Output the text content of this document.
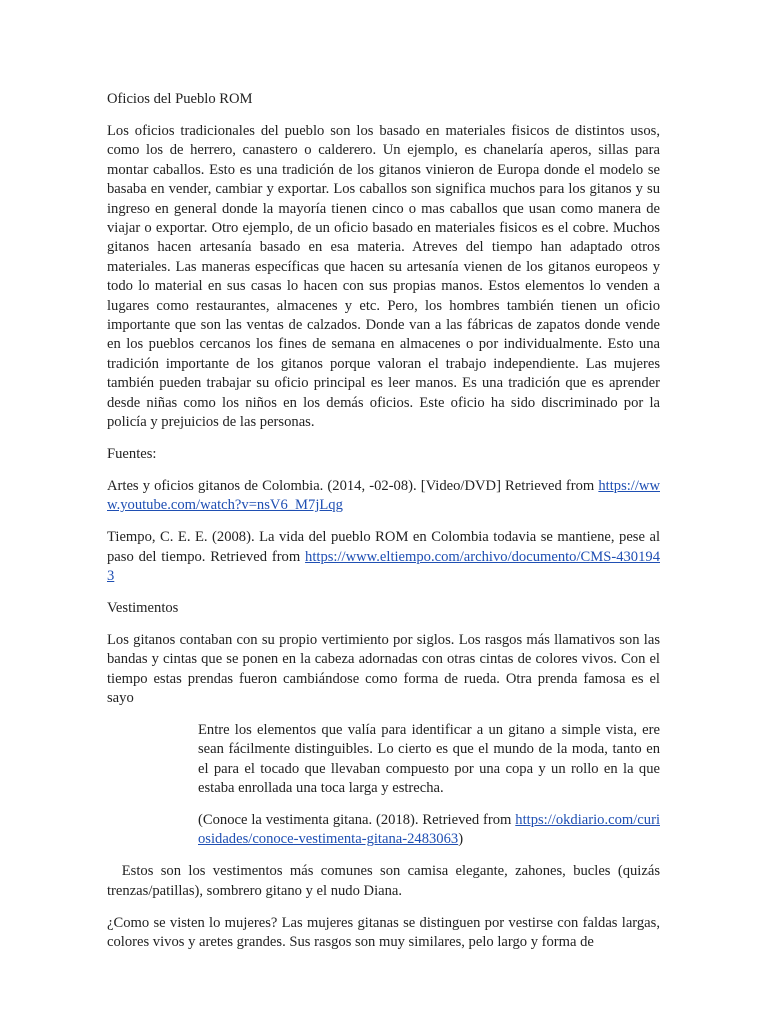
Oficios del Pueblo ROM

Los oficios tradicionales del pueblo son los basado en materiales fisicos de distintos usos, como los de herrero, canastero o calderero. Un ejemplo, es chanelaría aperos, sillas para montar caballos. Esto es una tradición de los gitanos vinieron de Europa donde el modelo se basaba en vender, cambiar y exportar. Los caballos son significa muchos para los gitanos y su ingreso en general donde la mayoría tienen cinco o mas caballos que usan como manera de viajar o exportar. Otro ejemplo, de un oficio basado en materiales fisicos es el cobre. Muchos gitanos hacen artesanía basado en esa materia. Atreves del tiempo han adaptado otros materiales. Las maneras específicas que hacen su artesanía vienen de los gitanos europeos y todo lo material en sus casas lo hacen con sus propias manos. Estos elementos lo venden a lugares como restaurantes, almacenes y etc. Pero, los hombres también tienen un oficio importante que son las ventas de calzados. Donde van a las fábricas de zapatos donde vende en los pueblos cercanos los fines de semana en almacenes o por individualmente. Esto una tradición importante de los gitanos porque valoran el trabajo independiente. Las mujeres también pueden trabajar su oficio principal es leer manos. Es una tradición que es aprender desde niñas como los niños en los demás oficios. Este oficio ha sido discriminado por la policía y prejuicios de las personas.

Fuentes:

Artes y oficios gitanos de Colombia. (2014, -02-08). [Video/DVD] Retrieved from https://www.youtube.com/watch?v=nsV6_M7jLqg

Tiempo, C. E. E. (2008). La vida del pueblo ROM en Colombia todavia se mantiene, pese al paso del tiempo. Retrieved from https://www.eltiempo.com/archivo/documento/CMS-4301943

Vestimentos

Los gitanos contaban con su propio vertimiento por siglos. Los rasgos más llamativos son las bandas y cintas que se ponen en la cabeza adornadas con otras cintas de colores vivos. Con el tiempo estas prendas fueron cambiándose como forma de rueda. Otra prenda famosa es el sayo

Entre los elementos que valía para identificar a un gitano a simple vista, ere sean fácilmente distinguibles. Lo cierto es que el mundo de la moda, tanto en el para el tocado que llevaban compuesto por una copa y un rollo en la que estaba enrollada una toca larga y estrecha.

(Conoce la vestimenta gitana. (2018). Retrieved from https://okdiario.com/curiosidades/conoce-vestimenta-gitana-2483063)

Estos son los vestimentos más comunes son camisa elegante, zahones, bucles (quizás trenzas/patillas), sombrero gitano y el nudo Diana.

¿Como se visten lo mujeres? Las mujeres gitanas se distinguen por vestirse con faldas largas, colores vivos y aretes grandes. Sus rasgos son muy similares, pelo largo y forma de
